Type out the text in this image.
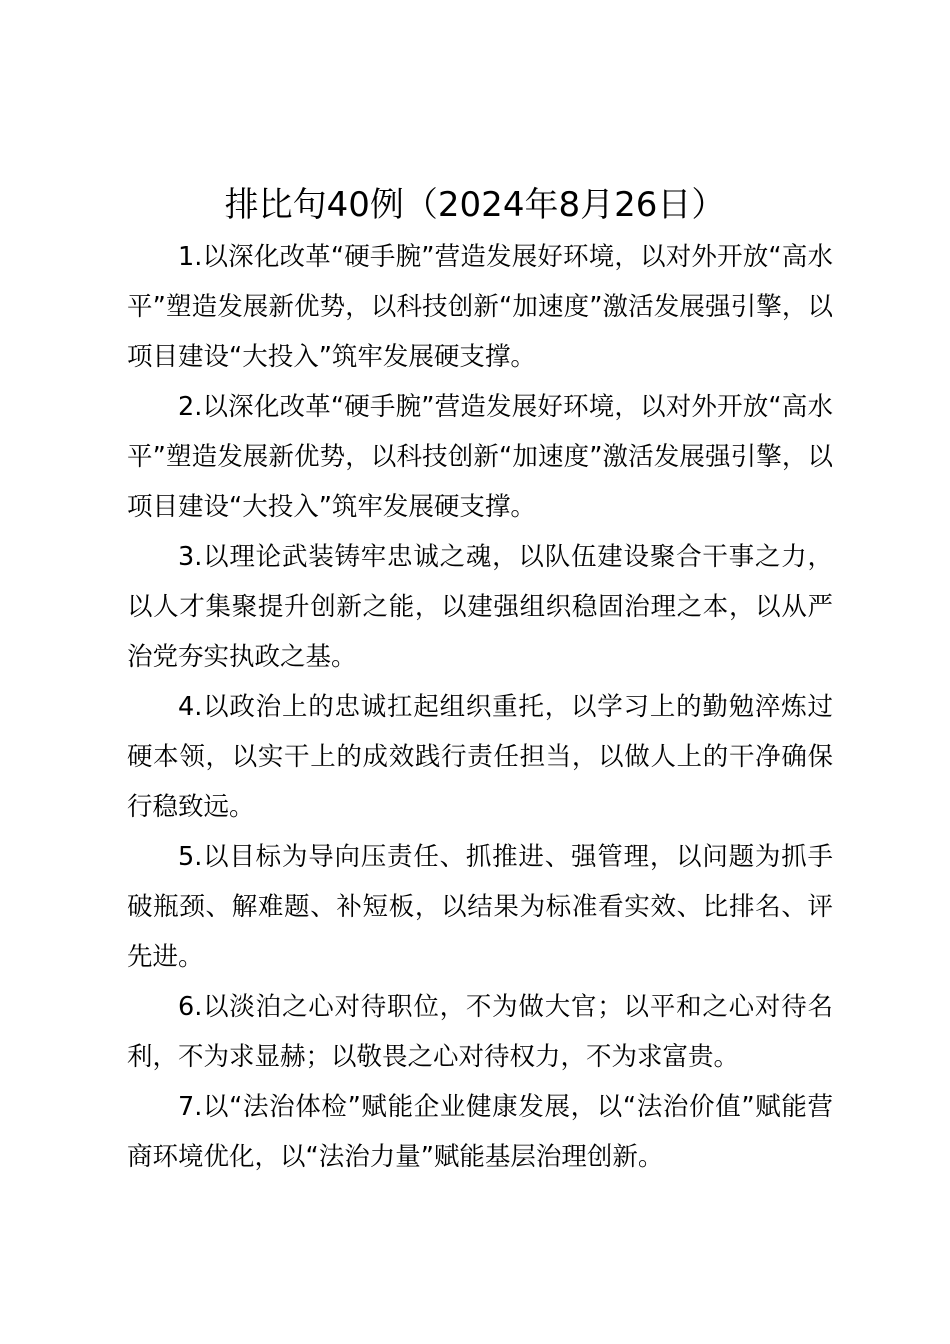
排比句40例（2024年8月26日）

1.以深化改革“硬手腕”营造发展好环境，以对外开放“高水平”塑造发展新优势，以科技创新“加速度”激活发展强引擎，以项目建设“大投入”筑牢发展硬支撑。

2.以深化改革“硬手腕”营造发展好环境，以对外开放“高水平”塑造发展新优势，以科技创新“加速度”激活发展强引擎，以项目建设“大投入”筑牢发展硬支撑。

3.以理论武装铸牢忠诚之魂，以队伍建设聚合干事之力，以人才集聚提升创新之能，以建强组织稳固治理之本，以从严治党夯实执政之基。

4.以政治上的忠诚扛起组织重托，以学习上的勤勉淬炼过硬本领，以实干上的成效践行责任担当，以做人上的干净确保行稳致远。

5.以目标为导向压责任、抓推进、强管理，以问题为抓手破瓶颈、解难题、补短板，以结果为标准看实效、比排名、评先进。

6.以淡泊之心对待职位，不为做大官；以平和之心对待名利，不为求显赫；以敬畏之心对待权力，不为求富贵。

7.以“法治体检”赋能企业健康发展，以“法治价值”赋能营商环境优化，以“法治力量”赋能基层治理创新。
